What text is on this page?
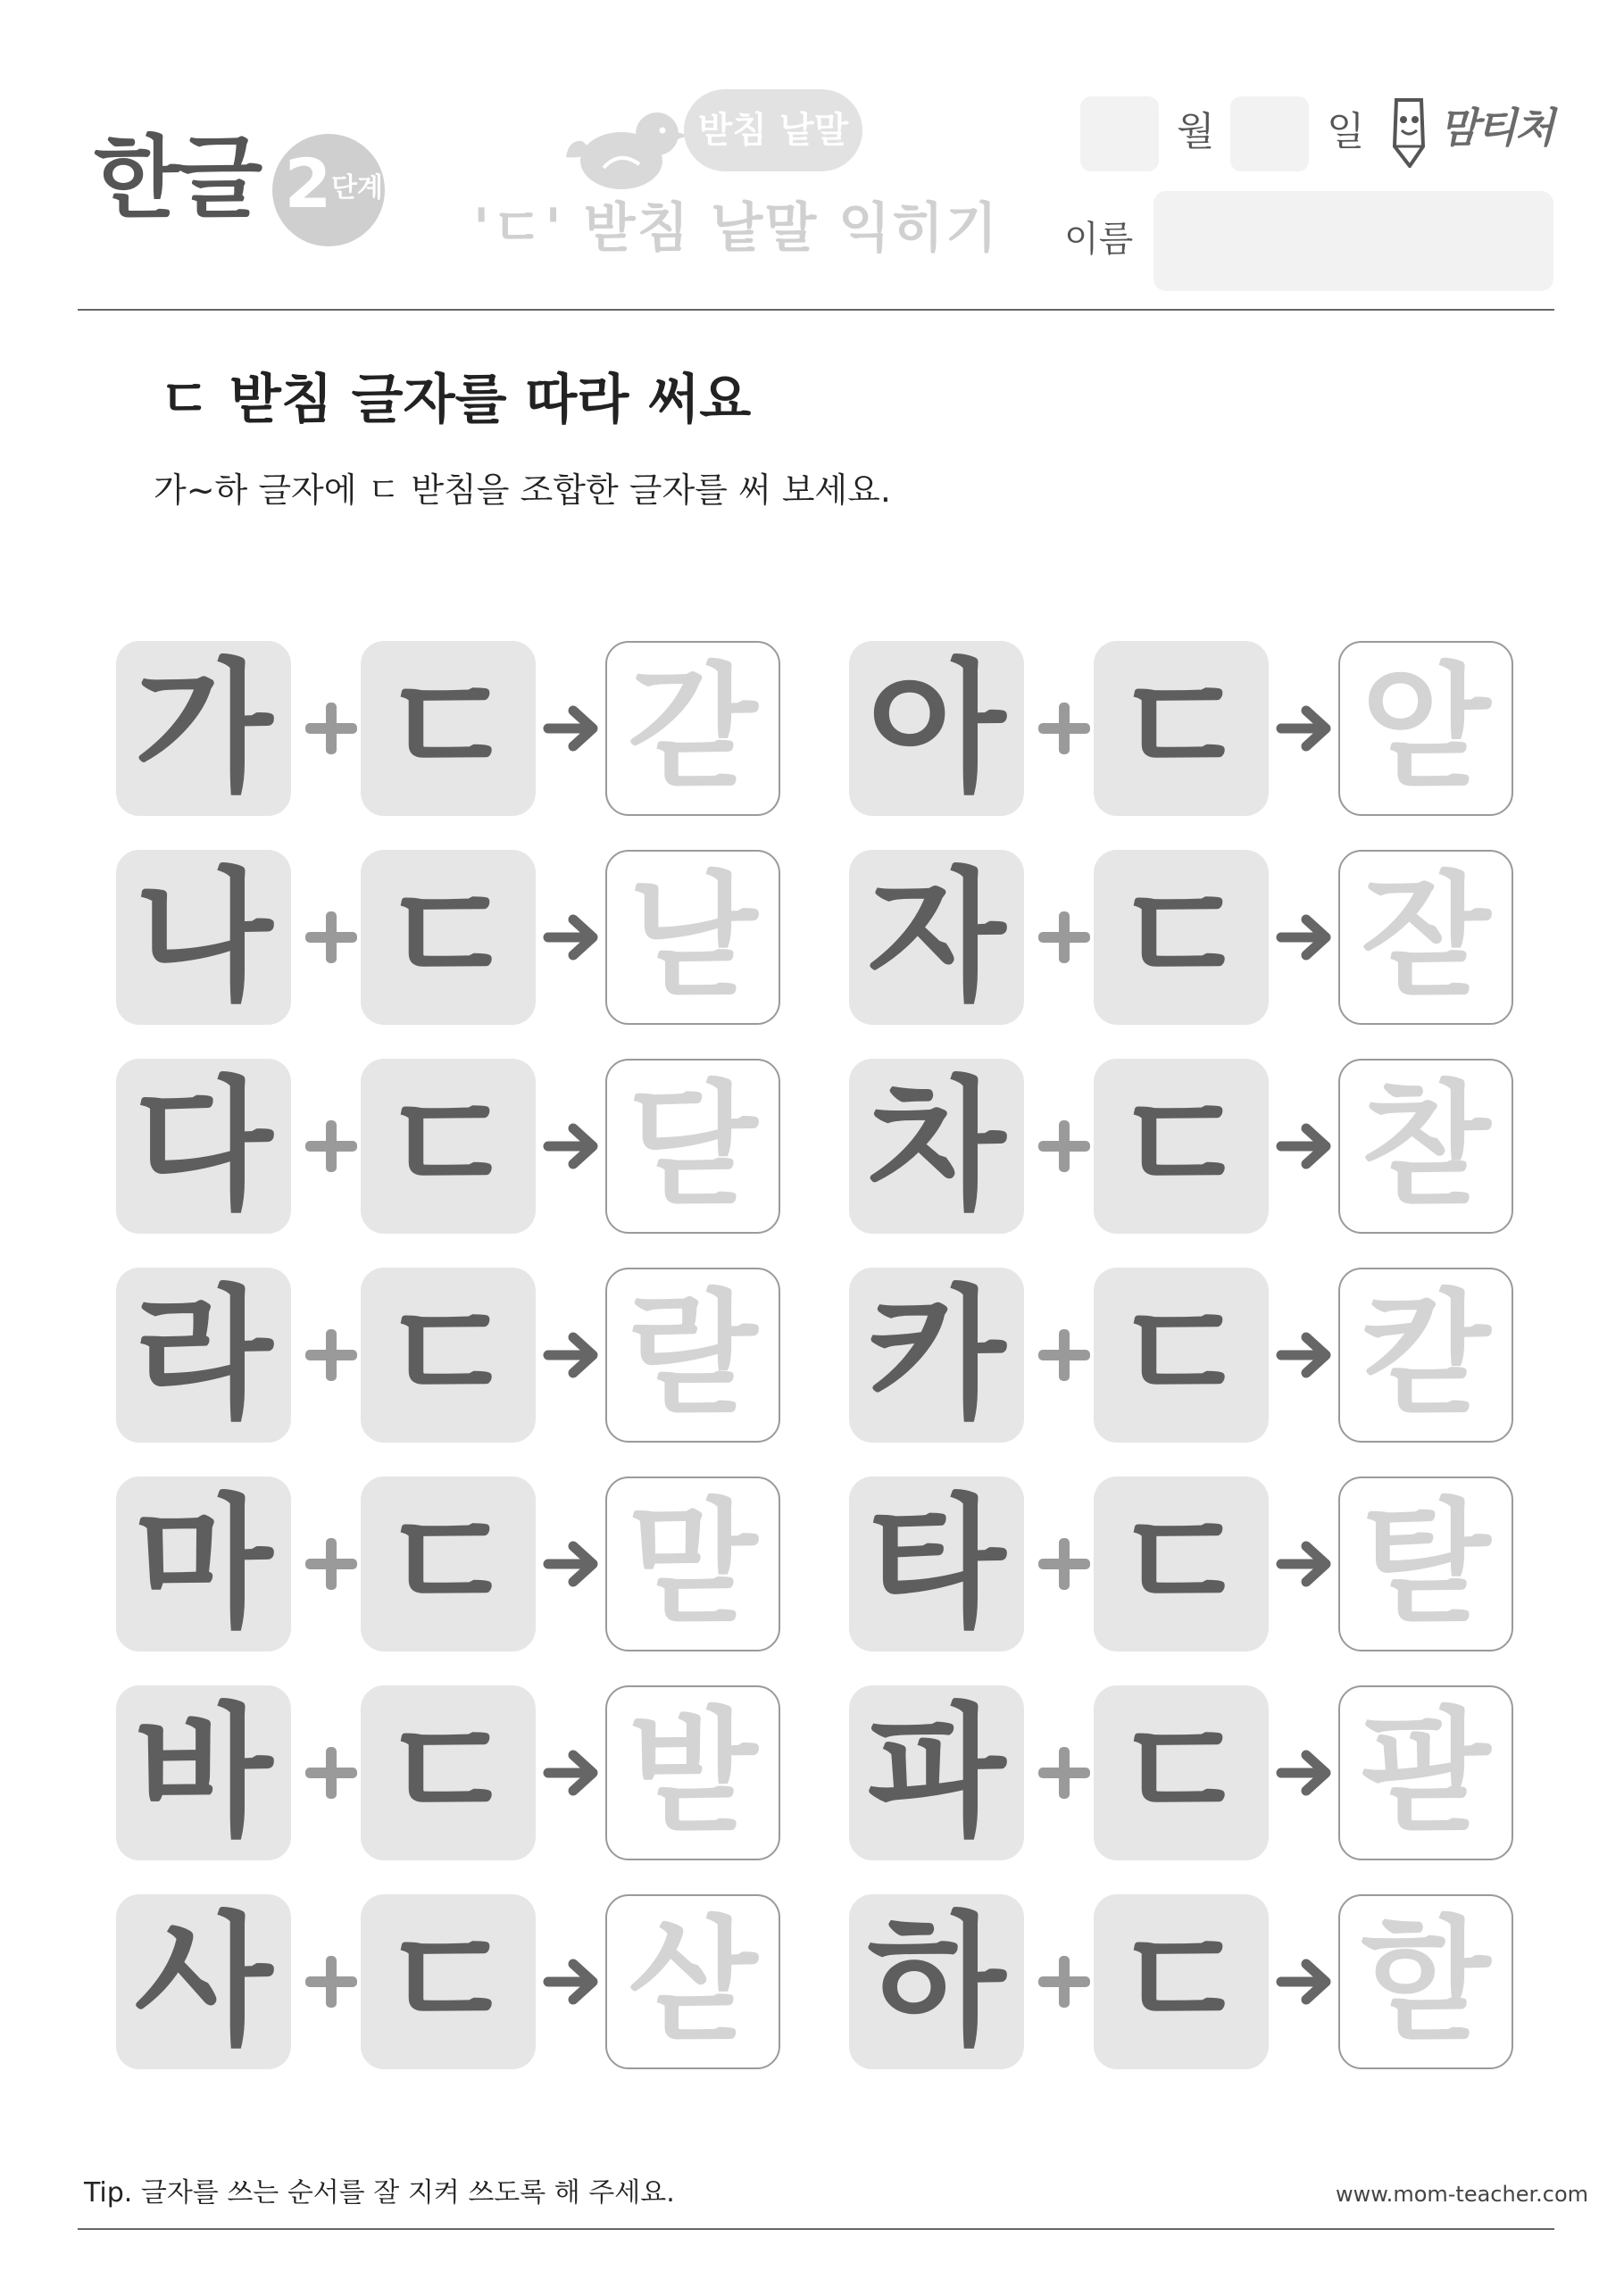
한글 2 단계
받침 낱말
'ㄷ' 받침 낱말 익히기
월	일 맘티처
이름
ㄷ 받침 글자를 따라 써요
가~하 글자에 ㄷ 받침을 조합한 글자를 써 보세요.
가 ㄷ 갇 아 ㄷ 앋
나 ㄷ 낟 자 ㄷ 잗
다 ㄷ 닫 차 ㄷ 찯
라 ㄷ 랃 카 ㄷ 칻
마 ㄷ 맏 타 ㄷ 탇
바 ㄷ 받 파 ㄷ 팓
사 ㄷ 삳 하 ㄷ 핟
Tip. 글자를 쓰는 순서를 잘 지켜 쓰도록 해 주세요.	www.mom-teacher.com
